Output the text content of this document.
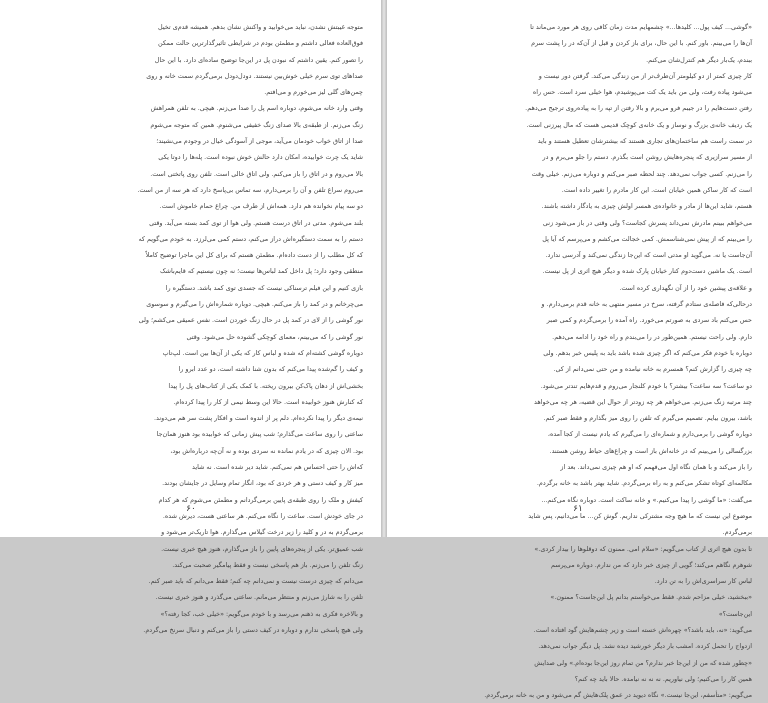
متوجه غیبتش نشدن، نباید می‌خوابید و واکنش نشان بدهم. همیشه قدم‌ی تخیل
فوق‌العاده فعالی داشتم و مطمئن بودم در شرایطی تاثیرگذارترین حالت ممکن
را تصور کنم. یقین داشتم که نبودن پل در این‌جا توضیح ساده‌ای دارد. با این حال
صداهای توی سرم خیلی خوش‌بین نیستند. دودل‌دودل برمی‌گردم سمت خانه و روی
چمن‌های گلی لیز می‌خورم و می‌افتم.
وقتی وارد خانه می‌شوم، دوباره اسم پل را صدا می‌زنم. هیچی. به تلفن همراهش
زنگ می‌زنم. از طبقه‌ی بالا صدای زنگ خفیفی می‌شنوم. همین که متوجه می‌شوم
صدا از اتاق خواب خودمان می‌آید، موجی از آسودگی خیال در وجودم می‌نشیند؛
شاید یک چرت خوابیده، امکان دارد حالش خوش نبوده است. پله‌ها را دوتا یکی
بالا می‌روم و در اتاق را باز می‌کنم. ولی اتاق خالی است. تلفن روی پاتختی است.
می‌روم سراغ تلفن و آن را برمی‌دارم، سه تماس بی‌پاسخ دارد که هر سه از من است.
دو سه پیام نخوانده هم دارد. همه‌اش از طرف من. چراغ حمام خاموش است.
بلند می‌شوم. مدتی در اتاق درست هستم. ولی هوا از توی کمد بسته می‌آید. وقتی
دستم را به سمت دستگیره‌اش دراز می‌کنم، دستم کمی می‌لرزد. به خودم می‌گویم که
که کل مطلب را از دست داده‌ام. مطمئن هستم که برای کل این ماجرا توضیح کاملاً
منطقی وجود دارد؛ پل داخل کمد لباس‌ها نیست؛ نه چون نیستیم که قایم‌باشک
بازی کنیم و این فیلم ترسناکی نیست که جسدی توی کمد باشد. دستگیره را
می‌چرخانم و در کمد را باز می‌کنم. هیچی. دوباره شماره‌اش را می‌گیرم و سوسوی
نور گوشی را از لای در کمد پل در حال زنگ خوردن است. نفس عمیقی می‌کشم؛ ولی
نور گوشی را که می‌بینم، معمای کوچکی گشوده حل می‌شود. وقتی
دوباره گوشی کشته‌ام که شده و لباس کار که یکی از آن‌ها بین است. لپ‌تاپ
و کیف را گم‌شده پیدا می‌کنم که بدون شنا داشته است، دو عدد ابرو را
بخشی‌اش از دهان پاک‌کن بیرون ریخته. با کمک یکی از کتاب‌های پل را پیدا
که کنارش هنوز خوابیده است. حالا این وسط نیمی از کار را پیدا کرده‌ام.
نیمه‌ی دیگر را پیدا نکرده‌ام. دلم پر از اندوه است و افکار پشت سر هم می‌دوند.
ساعتی را روی ساعت می‌گذارم؛ شب پیش زمانی که خوابیده بود هنوز همان‌جا
بود. الان چیزی که در یادم نمانده نه سردی بوده و نه آن‌چه درباره‌اش بود،
که‌اش را حتی احساس هم نمی‌کنم. شاید دیر شده است. نه شاید
میز کار و کیف دستی و هر خردی که بود، انگار تمام وسایل در جایشان بودند.
کیفش و ملک را روی طبقه‌ی پایین برمی‌گردانم و مطمئن می‌شوم که هر کدام
در جای خودش است. ساعت را نگاه می‌کنم. هر ساعتی هست، دیرش شده.
برمی‌گردم به در و کلید را زیر درخت گیلاس می‌گذارم. هوا تاریک‌تر می‌شود و
شب عمیق‌تر. یکی از پنجره‌های پایین را باز می‌گذارم، هنوز هیچ خبری نیست.
زنگ تلفن را می‌زنم. باز هم پاسخی نیست و فقط پیامگیر صحبت می‌کند.
می‌دانم که چیزی درست نیست و نمی‌دانم چه کنم؛ فقط می‌دانم که باید صبر کنم.
تلفن را به شارژ می‌زنم و منتظر می‌مانم. ساعتی می‌گذرد و هنوز خبری نیست.
و بالاخره فکری به ذهنم می‌رسد و با خودم می‌گویم: «خیلی خب، کجا رفته؟»
ولی هیچ پاسخی ندارم و دوباره در کیف دستی را باز می‌کنم و دنبال سرنخ می‌گردم.
۶۰
«گوشی... کیف پول... کلیدها...» چشمهایم مدت زمان کافی روی هر مورد می‌ماند تا
آن‌ها را می‌بینم. باور کنم. با این حال، برای باز کردن و قبل از آن‌که در را پشت سرم
ببندم، یک‌بار دیگر هم کنترل‌شان می‌کنم.
کار چیزی کمتر از دو کیلومتر آن‌طرف‌تر از من زندگی می‌کند. گرفتن دور نیست و
می‌شود پیاده رفت، ولی من باید یک کت می‌پوشیدم، هوا خیلی سرد است. حس راه
رفتن دست‌هایم را در جیبم فرو می‌برم و بالا رفتن از تپه را به پیاده‌روی ترجیح می‌دهم.
یک ردیف خانه‌ی بزرگ و نوساز و یک خانه‌ی کوچک قدیمی هست که مال پیرزنی است.
در سمت راست هم ساختمان‌های تجاری هستند که بیشترشان تعطیل هستند و باید
از مسیر سرازیری که پنجره‌هایش روشن است بگذرم. دستم را جلو می‌برم و در
را می‌زنم. کسی جواب نمی‌دهد. چند لحظه صبر می‌کنم و دوباره می‌زنم. خیلی وقت
است که کار ساکن همین خیابان است. این کار مادرم را تغییر داده است.
هستم، شاید این‌ها از مادر و خانواده‌ی همسر اولش چیزی به یادگار داشته باشند.
می‌خواهم ببینم مادرش نمی‌داند پسرش کجاست؟ ولی وقتی در باز می‌شود زنی
را می‌بینم که از پیش نمی‌شناسمش. کمی خجالت می‌کشم و می‌پرسم که آیا پل
آن‌جاست یا نه. می‌گوید او مدتی است که این‌جا زندگی نمی‌کند و آدرسی ندارد.
است. یک ماشین دست‌دوم کنار خیابان پارک شده و دیگر هیچ اثری از پل نیست.
و علاقه‌ی پیشین خود را از آن نگهداری کرده است.
درحالی‌که فاصله‌ی ستادم گرفته، سرخ در مسیر منتهی به خانه قدم برمی‌دارم. و
حس می‌کنم باد سردی به صورتم می‌خورد. راه آمده را برمی‌گردم و کمی صبر
دارم. ولی راحت نیستم. همین‌طور در را می‌بندم و راه خود را ادامه می‌دهم.
دوباره با خودم فکر می‌کنم که اگر چیزی شده باشد باید به پلیس خبر بدهم. ولی
چه چیزی را گزارش کنم؟ همسرم به خانه نیامده و من حتی نمی‌دانم از کی.
دو ساعت؟ سه ساعت؟ بیشتر؟ با خودم کلنجار می‌روم و قدم‌هایم تندتر می‌شود.
چند مرتبه زنگ می‌زنم. می‌خواهم هر چه زودتر از حوال این قضیه، هر چه می‌خواهد
باشد، بیرون بیایم. تصمیم می‌گیرم که تلفن را روی میز بگذارم و فقط صبر کنم.
دوباره گوشی را برمی‌دارم و شماره‌ای را می‌گیرم که یادم نیست از کجا آمده،
بزرگسالی را می‌بینم که در خانه‌اش باز است و چراغ‌های حیاط روشن هستند.
را باز می‌کند و با همان نگاه اول می‌فهمم که او هم چیزی نمی‌داند. بعد از
مکالمه‌ای کوتاه تشکر می‌کنم و به راه برمی‌گردم. شاید بهتر باشد به خانه برگردم.
می‌گفت: «ما گوشی را پیدا می‌کنیم.» و خانه ساکت است. دوباره نگاه می‌کنم...
موضوع این نیست که ما هیچ وجه مشترکی نداریم. گوش کن... ما می‌دانیم، پس شاید
برمی‌گردم.
تا بدون هیچ اثری از کتاب می‌گویم: «سلام امی. ممنون که دوقلوها را بیدار کردی.»
شوهرم نگاهم می‌کند؛ گویی از چیزی خبر دارد که من ندارم. دوباره می‌پرسم
لباس کار سراسری‌اش را به تن دارد.
«ببخشید، خیلی مزاحم شدم. فقط می‌خواستم بدانم پل این‌جاست؟ ممنون.»
این‌جاست؟»
می‌گوید: «نه، باید باشد؟» چهره‌اش خسته است و زیر چشم‌هایش گود افتاده است.
ازدواج را تحمل کرده. امشب بار دیگر خورشید دیده نشد. پل دیگر جواب نمی‌دهد.
«چطور شده که من از این‌جا خبر ندارم؟ من تمام روز این‌جا بوده‌ام.» ولی صدایش
همین کار را می‌کنیم؛ ولی نیاوریم. نه نه نه نیامده. حالا باید چه کنم؟
می‌گویم: «متأسفم، این‌جا نیست.» نگاه دیوید در عمق پلک‌هایش گم می‌شود و من به خانه برمی‌گردم.
۶۱
